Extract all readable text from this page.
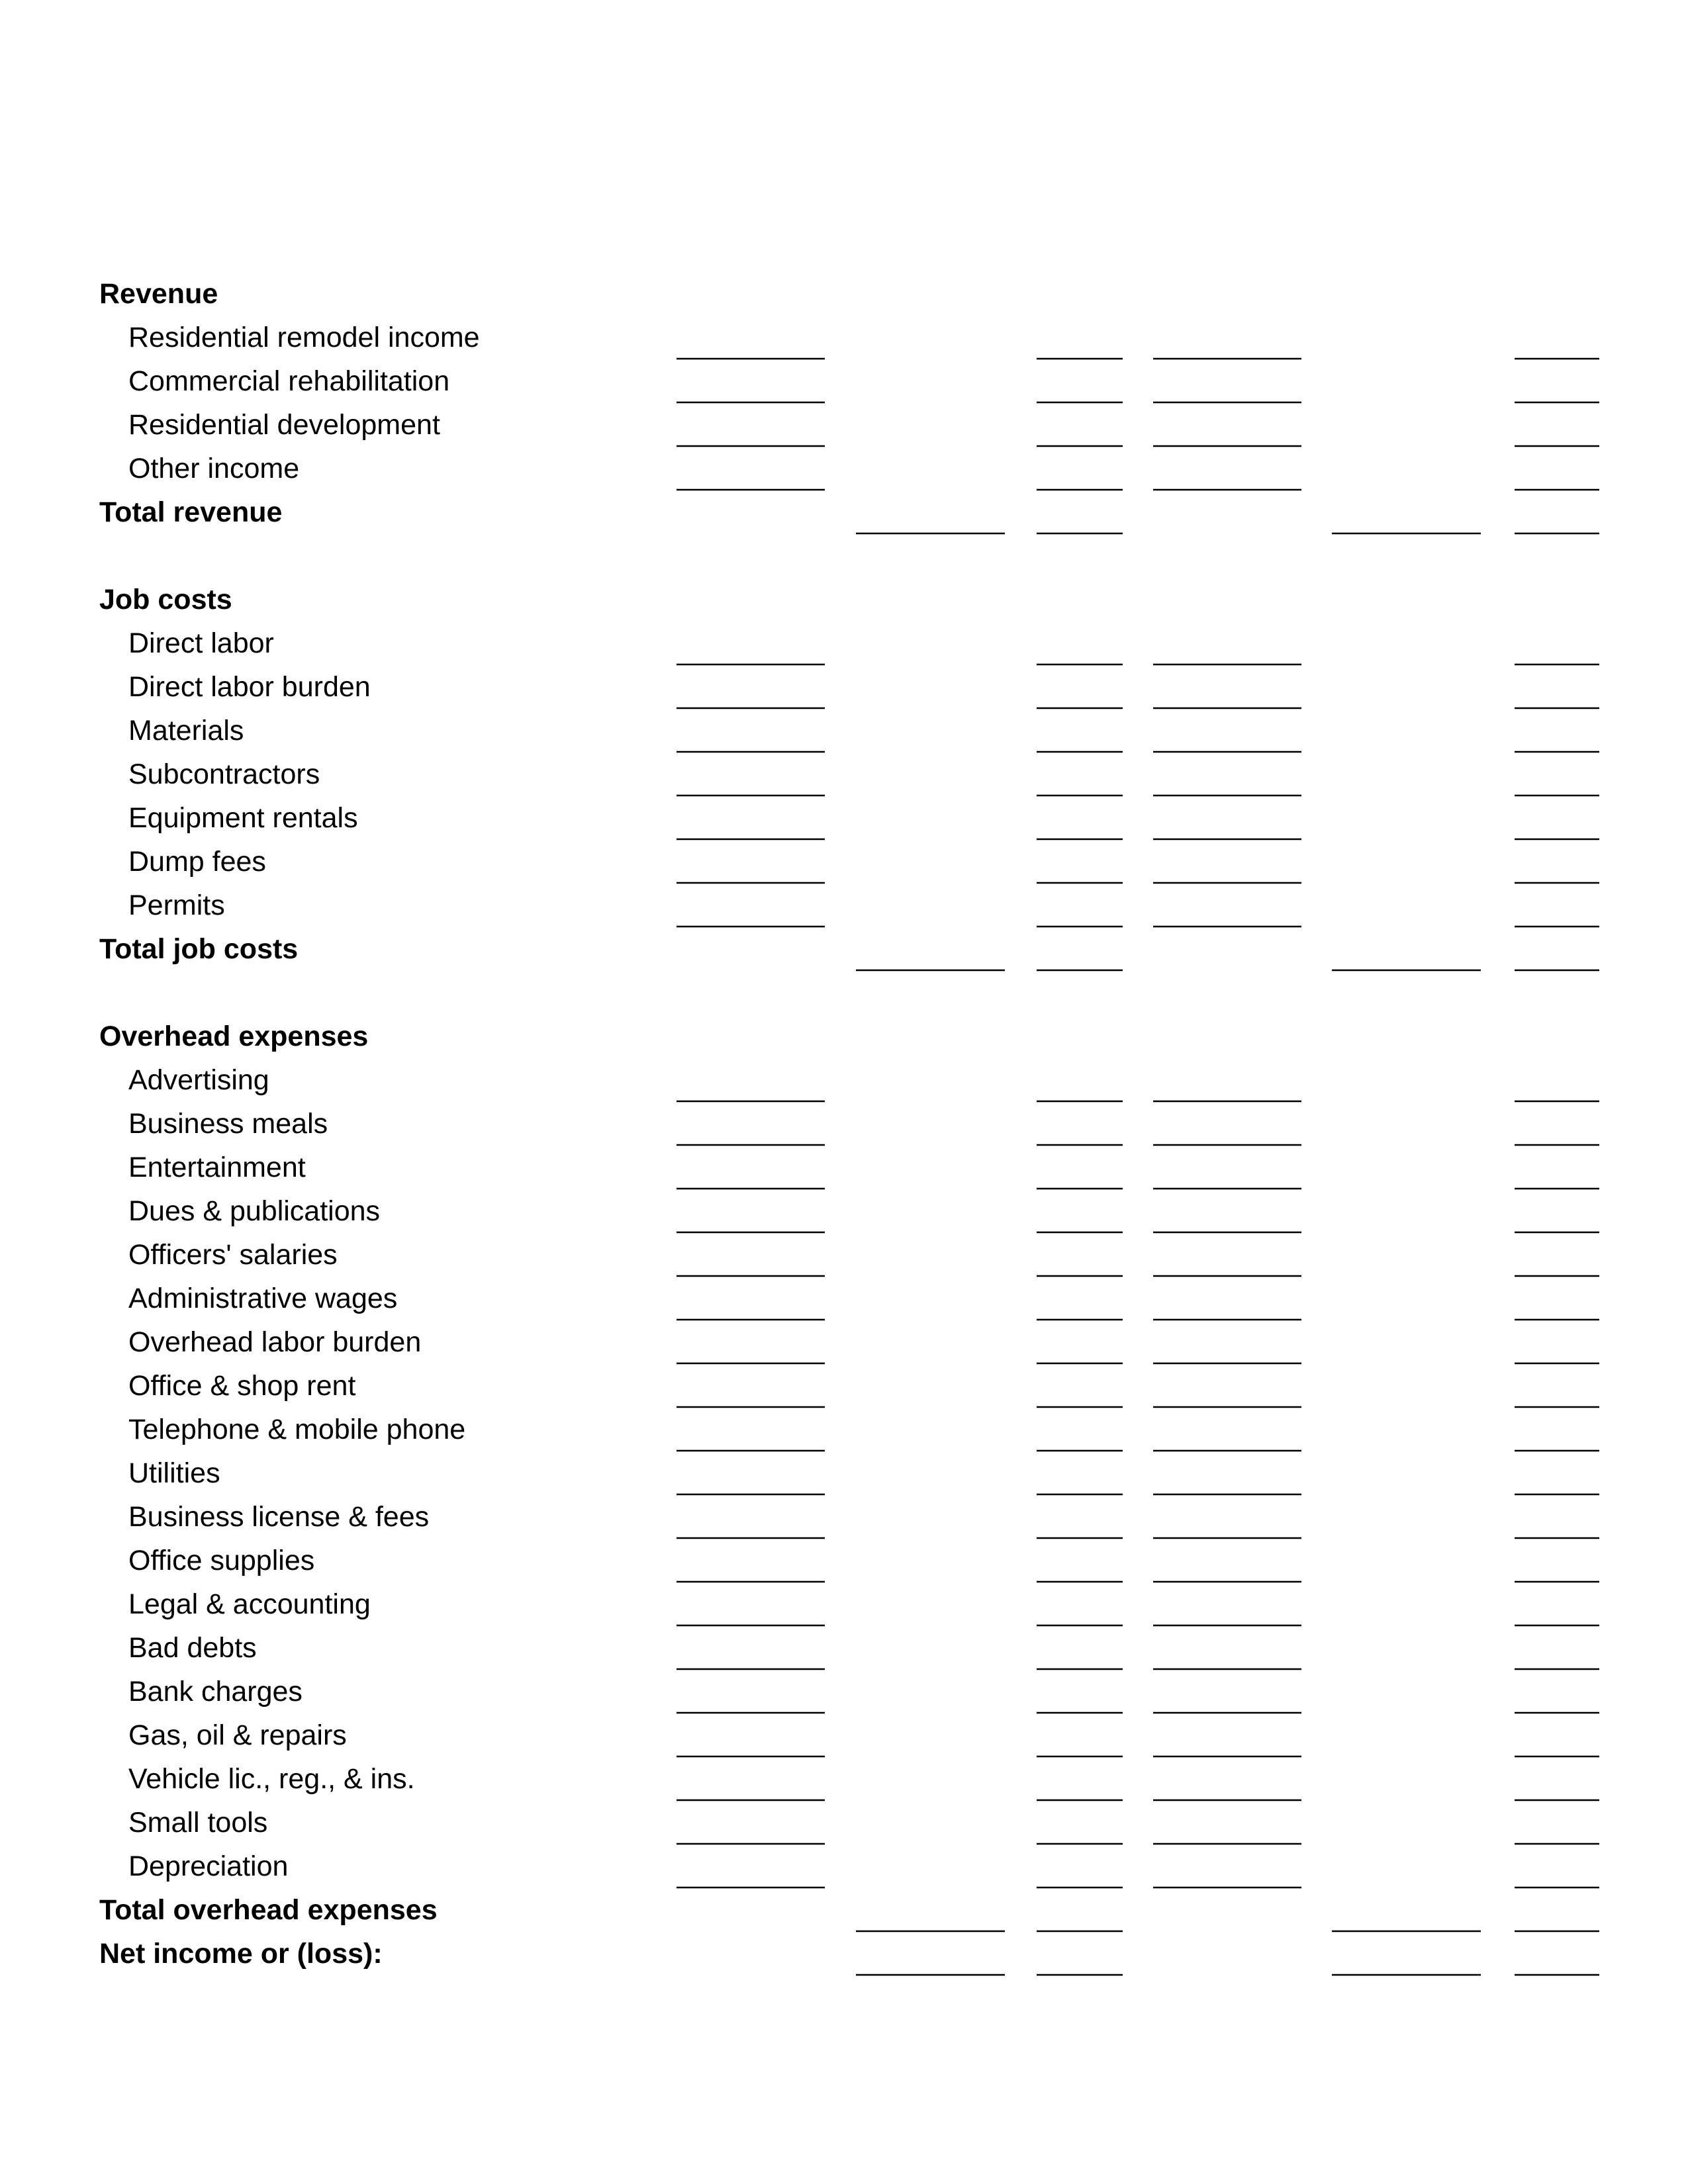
Revenue
Residential remodel income
Commercial rehabilitation
Residential development
Other income
Total revenue
Job costs
Direct labor
Direct labor burden
Materials
Subcontractors
Equipment rentals
Dump fees
Permits
Total job costs
Overhead expenses
Advertising
Business meals
Entertainment
Dues & publications
Officers' salaries
Administrative wages
Overhead labor burden
Office & shop rent
Telephone & mobile phone
Utilities
Business license & fees
Office supplies
Legal & accounting
Bad debts
Bank charges
Gas, oil & repairs
Vehicle lic., reg., & ins.
Small tools
Depreciation
Total overhead expenses
Net income or (loss):
